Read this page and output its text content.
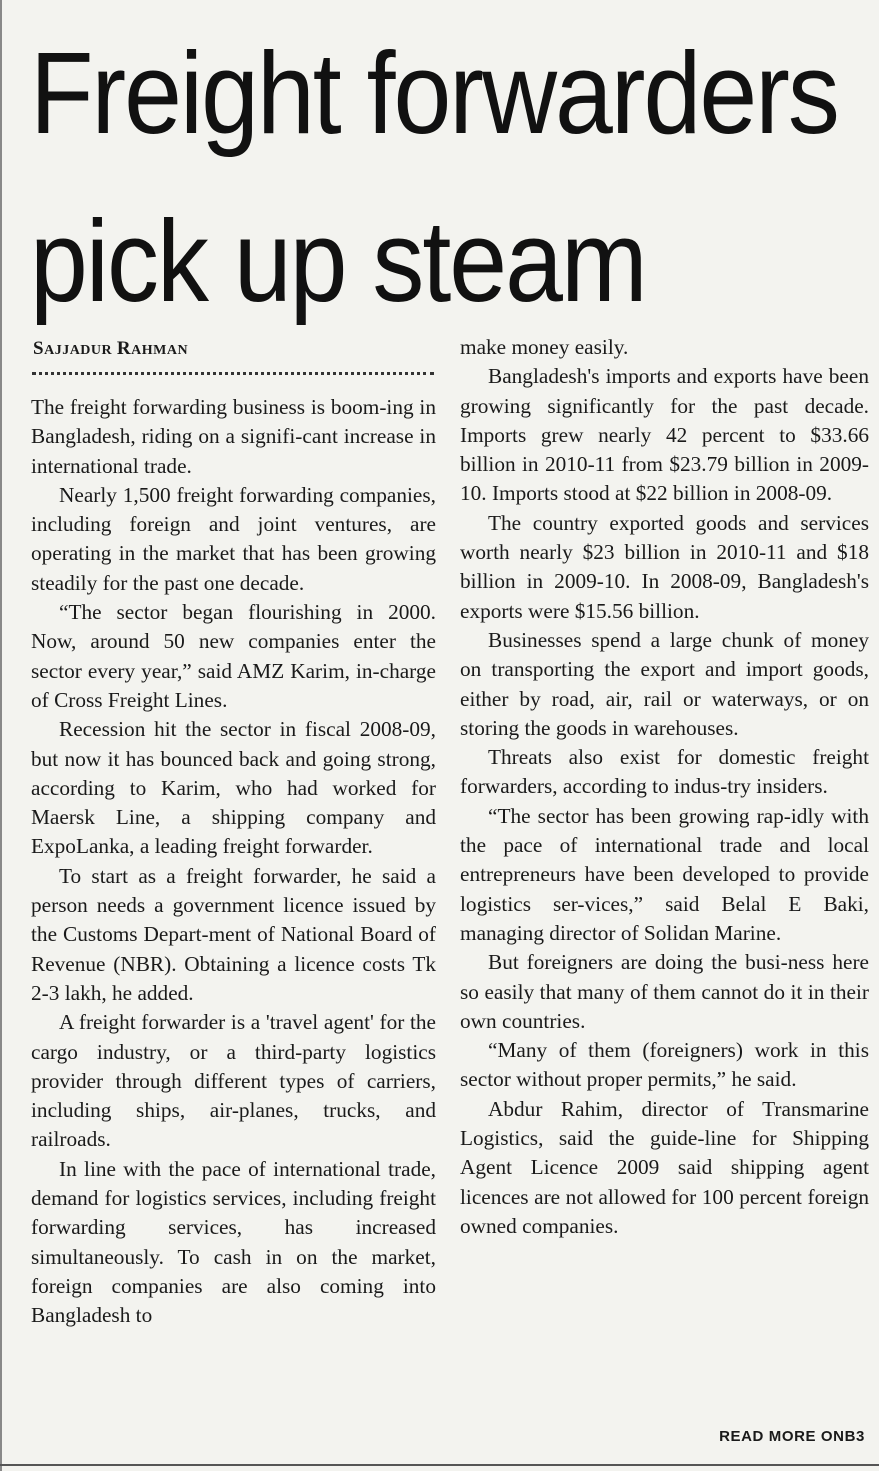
Freight forwarders
pick up steam
SAJJADUR RAHMAN

The freight forwarding business is boom-ing in Bangladesh, riding on a signifi-cant increase in international trade.

Nearly 1,500 freight forwarding companies, including foreign and joint ventures, are operating in the market that has been growing steadily for the past one decade.

“The sector began flourishing in 2000. Now, around 50 new companies enter the sector every year,” said AMZ Karim, in-charge of Cross Freight Lines.

Recession hit the sector in fiscal 2008-09, but now it has bounced back and going strong, according to Karim, who had worked for Maersk Line, a shipping company and ExpoLanka, a leading freight forwarder.

To start as a freight forwarder, he said a person needs a government licence issued by the Customs Depart-ment of National Board of Revenue (NBR). Obtaining a licence costs Tk 2-3 lakh, he added.

A freight forwarder is a 'travel agent' for the cargo industry, or a third-party logistics provider through different types of carriers, including ships, air-planes, trucks, and railroads.

In line with the pace of international trade, demand for logistics services, including freight forwarding services, has increased simultaneously. To cash in on the market, foreign companies are also coming into Bangladesh to

make money easily.

Bangladesh's imports and exports have been growing significantly for the past decade. Imports grew nearly 42 percent to $33.66 billion in 2010-11 from $23.79 billion in 2009-10. Imports stood at $22 billion in 2008-09.

The country exported goods and services worth nearly $23 billion in 2010-11 and $18 billion in 2009-10. In 2008-09, Bangladesh's exports were $15.56 billion.

Businesses spend a large chunk of money on transporting the export and import goods, either by road, air, rail or waterways, or on storing the goods in warehouses.

Threats also exist for domestic freight forwarders, according to indus-try insiders.

“The sector has been growing rap-idly with the pace of international trade and local entrepreneurs have been developed to provide logistics ser-vices,” said Belal E Baki, managing director of Solidan Marine.

But foreigners are doing the busi-ness here so easily that many of them cannot do it in their own countries.

“Many of them (foreigners) work in this sector without proper permits,” he said.

Abdur Rahim, director of Transmarine Logistics, said the guide-line for Shipping Agent Licence 2009 said shipping agent licences are not allowed for 100 percent foreign owned companies.

READ MORE ONB3
